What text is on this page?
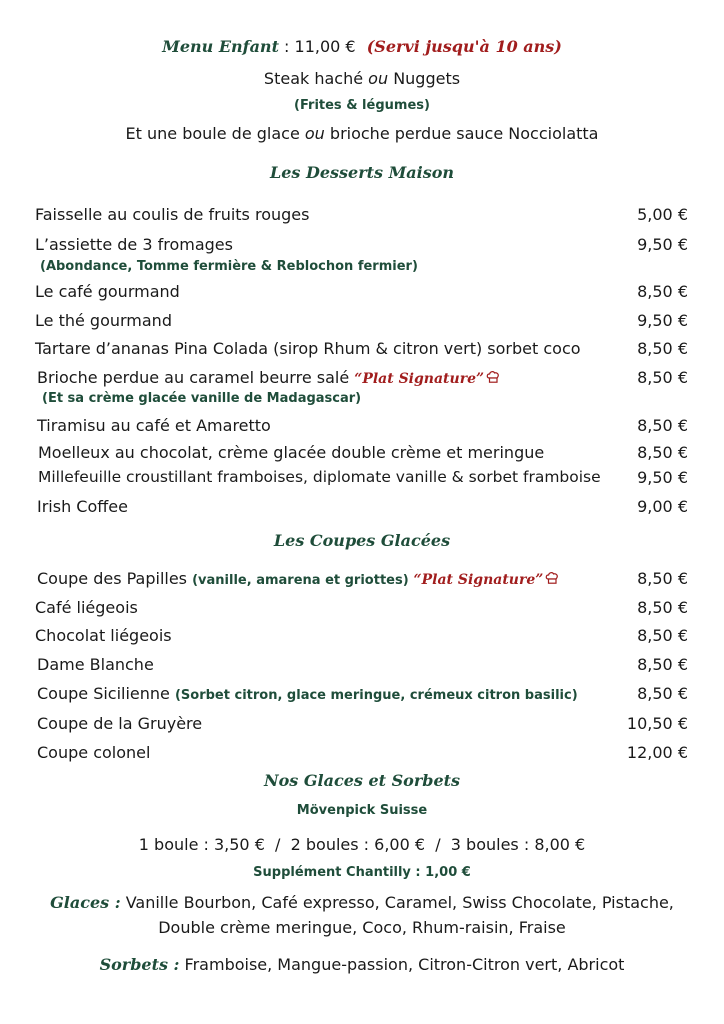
Menu Enfant : 11,00 € (Servi jusqu'à 10 ans)
Steak haché ou Nuggets
(Frites & légumes)
Et une boule de glace ou brioche perdue sauce Nocciolatta
Les Desserts Maison
Faisselle au coulis de fruits rouges	5,00 €
L’assiette de 3 fromages	9,50 €
(Abondance, Tomme fermière & Reblochon fermier)
Le café gourmand	8,50 €
Le thé gourmand	9,50 €
Tartare d’ananas Pina Colada (sirop Rhum & citron vert) sorbet coco	8,50 €
Brioche perdue au caramel beurre salé “Plat Signature”	8,50 €
(Et sa crème glacée vanille de Madagascar)
Tiramisu au café et Amaretto	8,50 €
Moelleux au chocolat, crème glacée double crème et meringue	8,50 €
Millefeuille croustillant framboises, diplomate vanille & sorbet framboise 9,50 €
Irish Coffee	9,00 €
Les Coupes Glacées
Coupe des Papilles (vanille, amarena et griottes) “Plat Signature”	8,50 €
Café liégeois	8,50 €
Chocolat liégeois	8,50 €
Dame Blanche	8,50 €
Coupe Sicilienne (Sorbet citron, glace meringue, crémeux citron basilic)	8,50 €
Coupe de la Gruyère	10,50 €
Coupe colonel	12,00 €
Nos Glaces et Sorbets
Mövenpick Suisse
1 boule : 3,50 €  /  2 boules : 6,00 €  /  3 boules : 8,00 €
Supplément Chantilly : 1,00 €
Glaces : Vanille Bourbon, Café expresso, Caramel, Swiss Chocolate, Pistache,
Double crème meringue, Coco, Rhum-raisin, Fraise
Sorbets : Framboise, Mangue-passion, Citron-Citron vert, Abricot
